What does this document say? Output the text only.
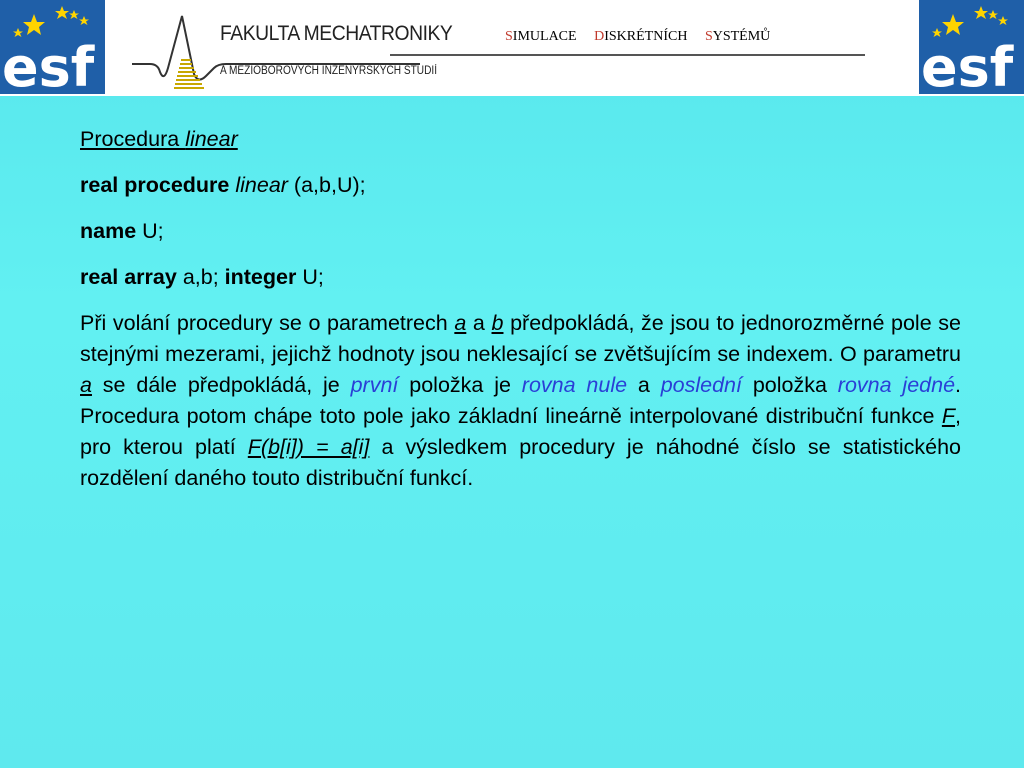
esf
FAKULTA MECHATRONIKY
A MEZIOBOROVÝCH INŽENÝRSKÝCH STUDIÍ
SIMULACE DISKRÉTNÍCH SYSTÉMŮ	esf

Procedura linear

real procedure linear (a,b,U);

name U;

real array a,b; integer U;

Při volání procedury se o parametrech a a b předpokládá, že jsou to jednorozměrné pole se stejnými mezerami, jejichž hodnoty jsou neklesající se zvětšujícím se indexem. O parametru a se dále předpokládá, je první položka je rovna nule a poslední položka rovna jedné. Procedura potom chápe toto pole jako základní lineárně interpolované distribuční funkce F, pro kterou platí F(b[i]) = a[i] a výsledkem procedury je náhodné číslo se statistického rozdělení daného touto distribuční funkcí.
